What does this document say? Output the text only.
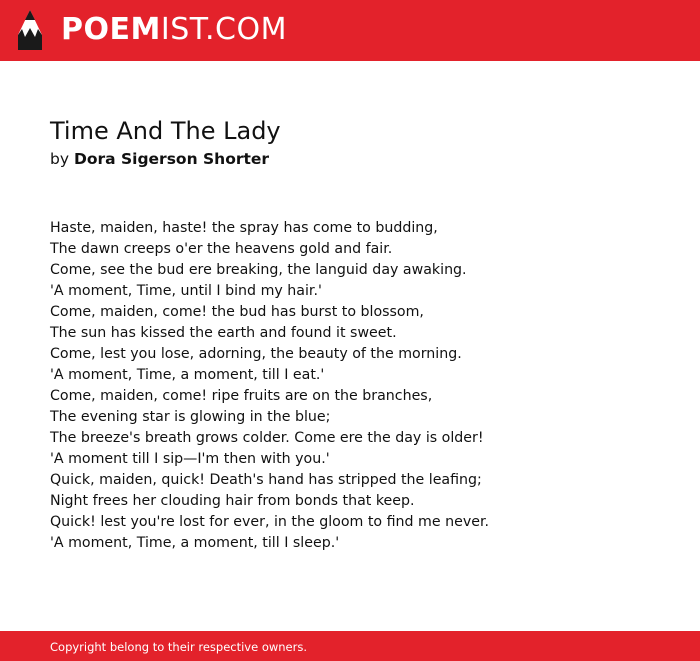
POEMIST.COM
Time And The Lady
by Dora Sigerson Shorter
Haste, maiden, haste! the spray has come to budding,
The dawn creeps o'er the heavens gold and fair.
Come, see the bud ere breaking, the languid day awaking.
'A moment, Time, until I bind my hair.'
Come, maiden, come! the bud has burst to blossom,
The sun has kissed the earth and found it sweet.
Come, lest you lose, adorning, the beauty of the morning.
'A moment, Time, a moment, till I eat.'
Come, maiden, come! ripe fruits are on the branches,
The evening star is glowing in the blue;
The breeze's breath grows colder. Come ere the day is older!
'A moment till I sip—I'm then with you.'
Quick, maiden, quick! Death's hand has stripped the leafing;
Night frees her clouding hair from bonds that keep.
Quick! lest you're lost for ever, in the gloom to find me never.
'A moment, Time, a moment, till I sleep.'
Copyright belong to their respective owners.
